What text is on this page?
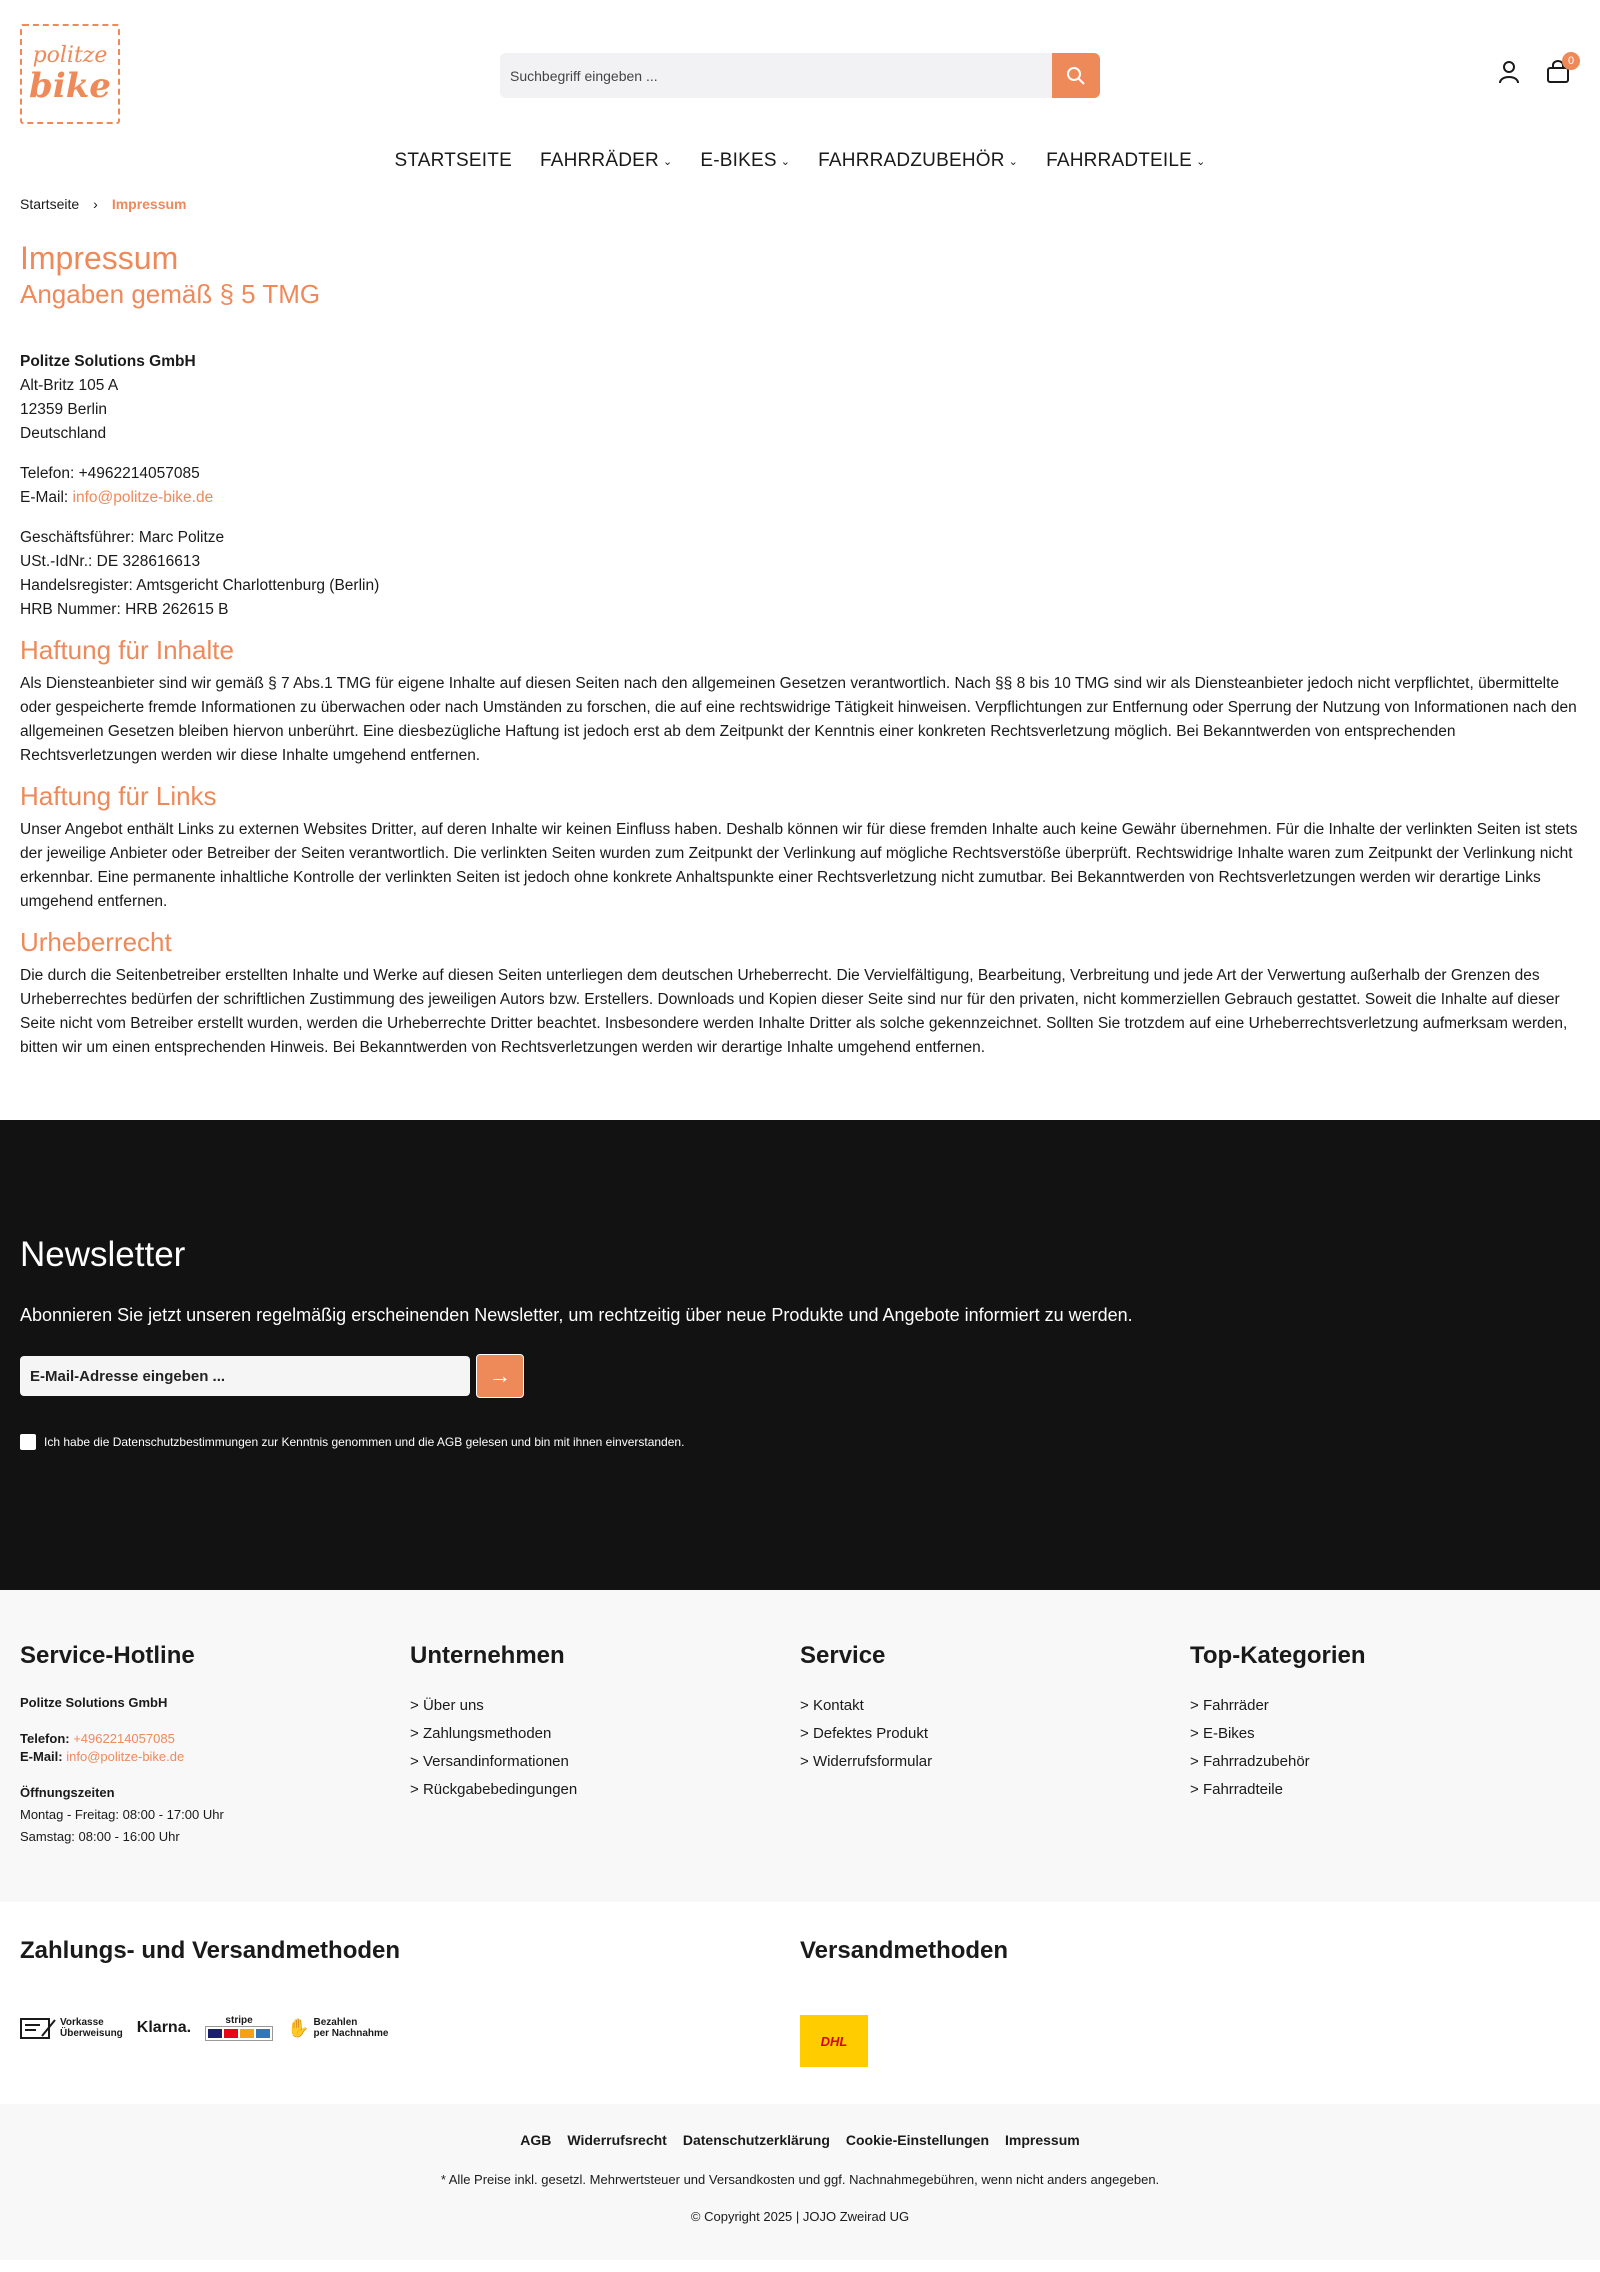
politze
bike	Suchbegriff eingeben ...
0
STARTSEITE FAHRRÄDER ⌄ E-BIKES ⌄ FAHRRADZUBEHÖR ⌄ FAHRRADTEILE ⌄
Startseite › Impressum
Impressum
Angaben gemäß § 5 TMG
Politze Solutions GmbH
Alt-Britz 105 A
12359 Berlin
Deutschland
Telefon: +4962214057085
E-Mail: info@politze-bike.de
Geschäftsführer: Marc Politze
USt.-IdNr.: DE 328616613
Handelsregister: Amtsgericht Charlottenburg (Berlin)
HRB Nummer: HRB 262615 B
Haftung für Inhalte

Als Diensteanbieter sind wir gemäß § 7 Abs.1 TMG für eigene Inhalte auf diesen Seiten nach den allgemeinen Gesetzen verantwortlich. Nach §§ 8 bis 10 TMG sind wir als Diensteanbieter jedoch nicht verpflichtet, übermittelte oder gespeicherte fremde Informationen zu überwachen oder nach Umständen zu forschen, die auf eine rechtswidrige Tätigkeit hinweisen. Verpflichtungen zur Entfernung oder Sperrung der Nutzung von Informationen nach den allgemeinen Gesetzen bleiben hiervon unberührt. Eine diesbezügliche Haftung ist jedoch erst ab dem Zeitpunkt der Kenntnis einer konkreten Rechtsverletzung möglich. Bei Bekanntwerden von entsprechenden Rechtsverletzungen werden wir diese Inhalte umgehend entfernen.

Haftung für Links

Unser Angebot enthält Links zu externen Websites Dritter, auf deren Inhalte wir keinen Einfluss haben. Deshalb können wir für diese fremden Inhalte auch keine Gewähr übernehmen. Für die Inhalte der verlinkten Seiten ist stets der jeweilige Anbieter oder Betreiber der Seiten verantwortlich. Die verlinkten Seiten wurden zum Zeitpunkt der Verlinkung auf mögliche Rechtsverstöße überprüft. Rechtswidrige Inhalte waren zum Zeitpunkt der Verlinkung nicht erkennbar. Eine permanente inhaltliche Kontrolle der verlinkten Seiten ist jedoch ohne konkrete Anhaltspunkte einer Rechtsverletzung nicht zumutbar. Bei Bekanntwerden von Rechtsverletzungen werden wir derartige Links umgehend entfernen.

Urheberrecht

Die durch die Seitenbetreiber erstellten Inhalte und Werke auf diesen Seiten unterliegen dem deutschen Urheberrecht. Die Vervielfältigung, Bearbeitung, Verbreitung und jede Art der Verwertung außerhalb der Grenzen des Urheberrechtes bedürfen der schriftlichen Zustimmung des jeweiligen Autors bzw. Erstellers. Downloads und Kopien dieser Seite sind nur für den privaten, nicht kommerziellen Gebrauch gestattet. Soweit die Inhalte auf dieser Seite nicht vom Betreiber erstellt wurden, werden die Urheberrechte Dritter beachtet. Insbesondere werden Inhalte Dritter als solche gekennzeichnet. Sollten Sie trotzdem auf eine Urheberrechtsverletzung aufmerksam werden, bitten wir um einen entsprechenden Hinweis. Bei Bekanntwerden von Rechtsverletzungen werden wir derartige Inhalte umgehend entfernen.

Newsletter

Abonnieren Sie jetzt unseren regelmäßig erscheinenden Newsletter, um rechtzeitig über neue Produkte und Angebote informiert zu werden.

E-Mail-Adresse eingeben ...	→
Ich habe die Datenschutzbestimmungen zur Kenntnis genommen und die AGB gelesen und bin mit ihnen einverstanden.
Service-Hotline
Politze Solutions GmbH
Telefon: +4962214057085
E-Mail: info@politze-bike.de
Öffnungszeiten
Montag - Freitag: 08:00 - 17:00 Uhr
Samstag: 08:00 - 16:00 Uhr
Unternehmen
> Über uns
> Zahlungsmethoden
> Versandinformationen
> Rückgabebedingungen
Service
> Kontakt
> Defektes Produkt
> Widerrufsformular
Top-Kategorien
> Fahrräder
> E-Bikes
> Fahrradzubehör
> Fahrradteile
Zahlungs- und Versandmethoden
Vorkasse
Überweisung Klarna.	stripe ✋ Bezahlen
per Nachnahme
Versandmethoden
DHL
AGB Widerrufsrecht Datenschutzerklärung Cookie-Einstellungen Impressum
* Alle Preise inkl. gesetzl. Mehrwertsteuer und Versandkosten und ggf. Nachnahmegebühren, wenn nicht anders angegeben.
© Copyright 2025 | JOJO Zweirad UG
